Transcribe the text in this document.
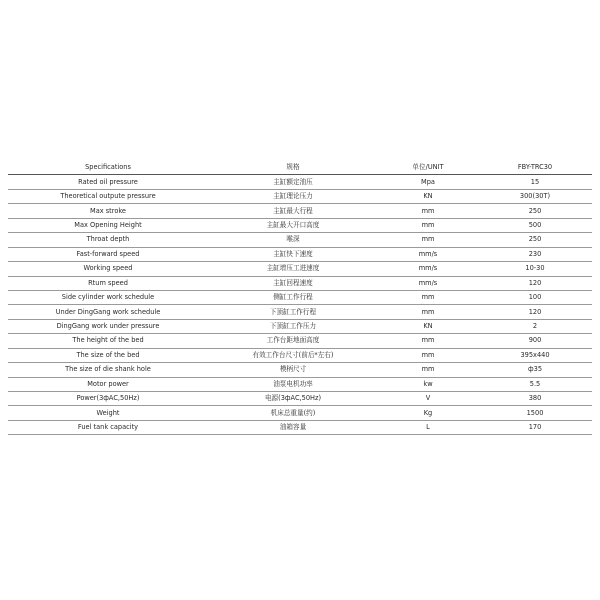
Specifications	规格	单位/UNIT	FBY-TRC30
Rated oil pressure	主缸额定油压	Mpa	15
Theoretical outpute pressure	主缸理论压力	KN	300(30T)
Max stroke	主缸最大行程	mm	250
Max Opening Height	主缸最大开口高度	mm	500
Throat depth	喉深	mm	250
Fast-forward speed	主缸快下速度	mm/s	230
Working speed	主缸增压工进速度	mm/s	10-30
Rtum speed	主缸回程速度	mm/s	120
Side cylinder work schedule	侧缸工作行程	mm	100
Under DingGang work schedule	下顶缸工作行程	mm	120
DingGang work under pressure	下顶缸工作压力	KN	2
The height of the bed	工作台距地面高度	mm	900
The size of the bed	有效工作台尺寸(前后*左右)	mm	395x440
The size of die shank hole	模柄尺寸	mm	ф35
Motor power	油泵电机功率	kw	5.5
Power(3фAC,50Hz)	电源(3фAC,50Hz)	V	380
Weight	机床总重量(约)	Kg	1500
Fuel tank capacity	油箱容量	L	170
